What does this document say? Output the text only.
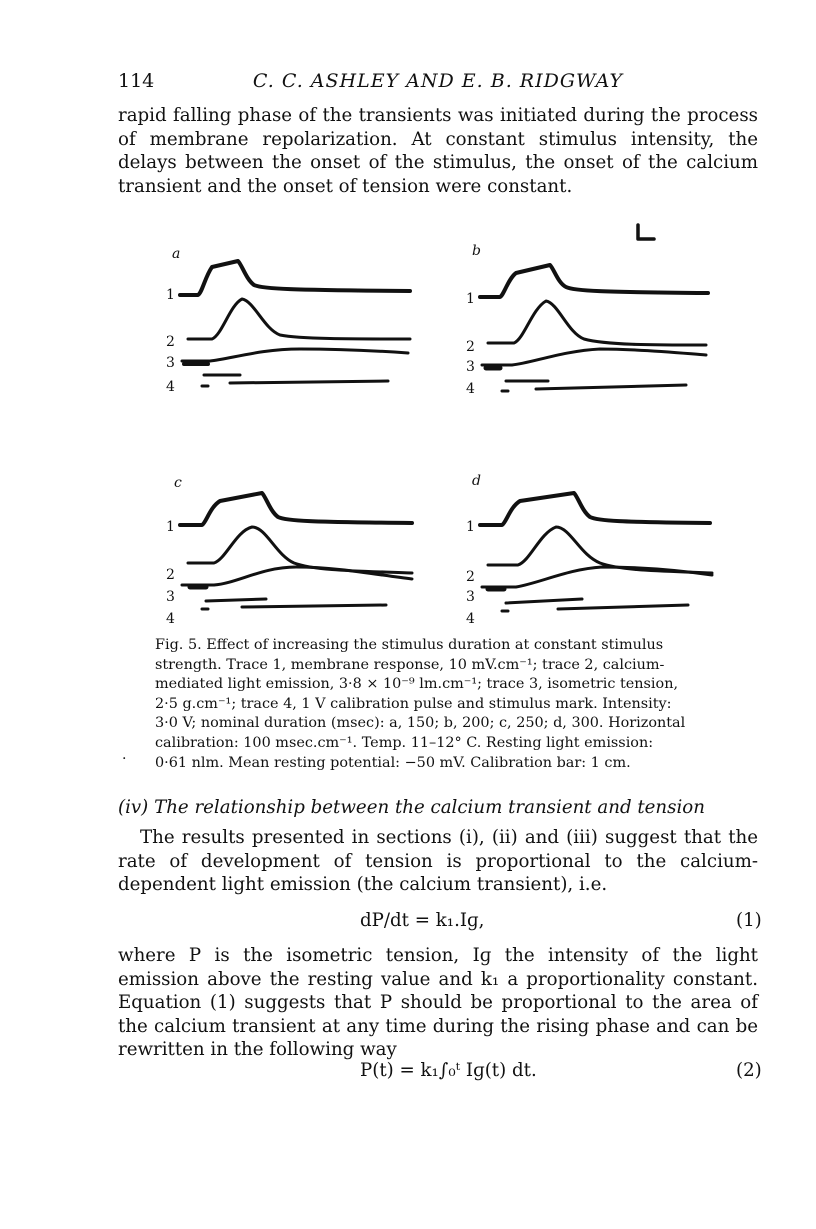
114	C. C. ASHLEY AND E. B. RIDGWAY

rapid falling phase of the transients was initiated during the process of membrane repolarization. At constant stimulus intensity, the delays between the onset of the stimulus, the onset of the calcium transient and the onset of tension were constant.

a	b
c	d
1
2
3
4
1
2
3
4
1
2
3
4
1
2
3
4

Fig. 5. Effect of increasing the stimulus duration at constant stimulus

strength. Trace 1, membrane response, 10 mV.cm⁻¹; trace 2, calcium-

mediated light emission, 3·8 × 10⁻⁹ lm.cm⁻¹; trace 3, isometric tension,

2·5 g.cm⁻¹; trace 4, 1 V calibration pulse and stimulus mark. Intensity:

3·0 V; nominal duration (msec): a, 150; b, 200; c, 250; d, 300. Horizontal

calibration: 100 msec.cm⁻¹. Temp. 11–12° C. Resting light emission:

0·61 nlm. Mean resting potential: −50 mV. Calibration bar: 1 cm.

.
(iv) The relationship between the calcium transient and tension

The results presented in sections (i), (ii) and (iii) suggest that the rate of development of tension is proportional to the calcium-dependent light emission (the calcium transient), i.e.

dP/dt = k₁.Iɡ,	(1)

where P is the isometric tension, Iɡ the intensity of the light emission above the resting value and k₁ a proportionality constant. Equation (1) suggests that P should be proportional to the area of the calcium transient at any time during the rising phase and can be rewritten in the following way

P(t) = k₁∫₀ᵗ Iɡ(t) dt.	(2)
